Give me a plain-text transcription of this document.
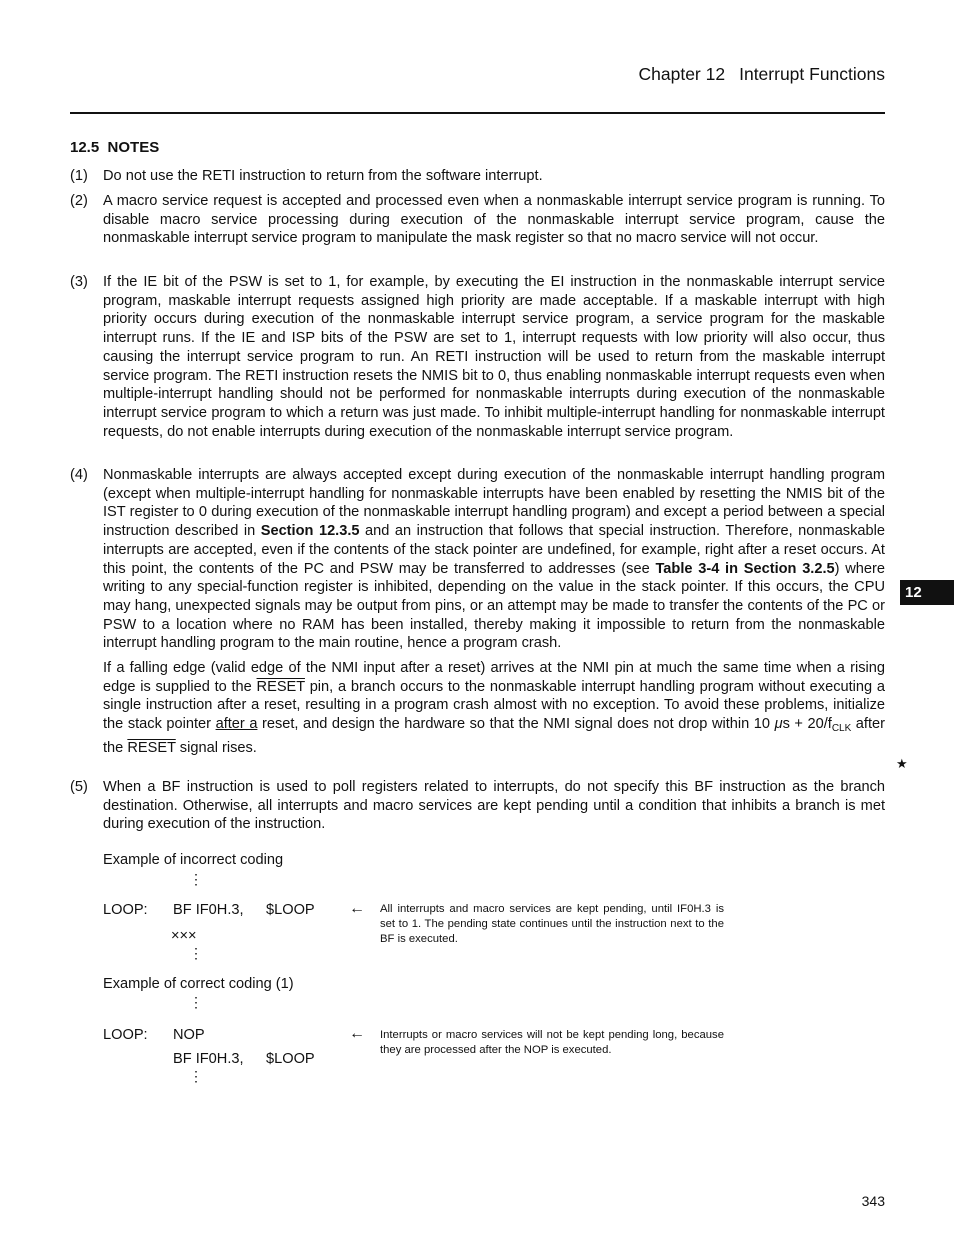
Chapter 12 Interrupt Functions
12.5 NOTES
(1) Do not use the RETI instruction to return from the software interrupt.

(2) A macro service request is accepted and processed even when a nonmaskable interrupt service program is running. To disable macro service processing during execution of the nonmaskable interrupt service program, cause the nonmaskable interrupt service program to manipulate the mask register so that no macro service will not occur.

(3) If the IE bit of the PSW is set to 1, for example, by executing the EI instruction in the nonmaskable interrupt service program, maskable interrupt requests assigned high priority are made acceptable. If a maskable interrupt with high priority occurs during execution of the nonmaskable interrupt service program, a service program for the maskable interrupt runs. If the IE and ISP bits of the PSW are set to 1, interrupt requests with low priority will also occur, thus causing the interrupt service program to run. An RETI instruction will be used to return from the maskable interrupt service program. The RETI instruction resets the NMIS bit to 0, thus enabling nonmaskable interrupt requests even when multiple-interrupt handling should not be performed for nonmaskable interrupts during execution of the nonmaskable interrupt service program to which a return was just made. To inhibit multiple-interrupt handling for nonmaskable interrupt requests, do not enable interrupts during execution of the nonmaskable interrupt service program.

(4) Nonmaskable interrupts are always accepted except during execution of the nonmaskable interrupt handling program (except when multiple-interrupt handling for nonmaskable interrupts have been enabled by resetting the NMIS bit of the IST register to 0 during execution of the nonmaskable interrupt handling program) and except a period between a special instruction described in Section 12.3.5 and an instruction that follows that special instruction. Therefore, nonmaskable interrupts are accepted, even if the contents of the stack pointer are undefined, for example, right after a reset occurs. At this point, the contents of the PC and PSW may be transferred to addresses (see Table 3-4 in Section 3.2.5) where writing to any special-function register is inhibited, depending on the value in the stack pointer. If this occurs, the CPU may hang, unexpected signals may be output from pins, or an attempt may be made to transfer the contents of the PC or PSW to a location where no RAM has been installed, thereby making it impossible to return from the nonmaskable interrupt handling program to the main routine, hence a program crash.

If a falling edge (valid edge of the NMI input after a reset) arrives at the NMI pin at much the same time when a rising edge is supplied to the RESET pin, a branch occurs to the nonmaskable interrupt handling program without executing a single instruction after a reset, resulting in a program crash almost with no exception. To avoid these problems, initialize the stack pointer after a reset, and design the hardware so that the NMI signal does not drop within 10 $\mu s + 20/f_{CLK}$ after the RESET signal rises.

(5) When a BF instruction is used to poll registers related to interrupts, do not specify this BF instruction as the branch destination. Otherwise, all interrupts and macro services are kept pending until a condition that inhibits a branch is met during execution of the instruction.

Example of incorrect coding
⋮
LOOP: BF IF0H.3, $LOOP ← All interrupts and macro services are kept pending, until IF0H.3 is set to 1. The pending state continues until the instruction next to the BF is executed.
×××
⋮
Example of correct coding (1)
⋮
LOOP: NOP	← Interrupts or macro services will not be kept pending long, because they are processed after the NOP is executed.
BF IF0H.3, $LOOP
⋮
12
★
343
